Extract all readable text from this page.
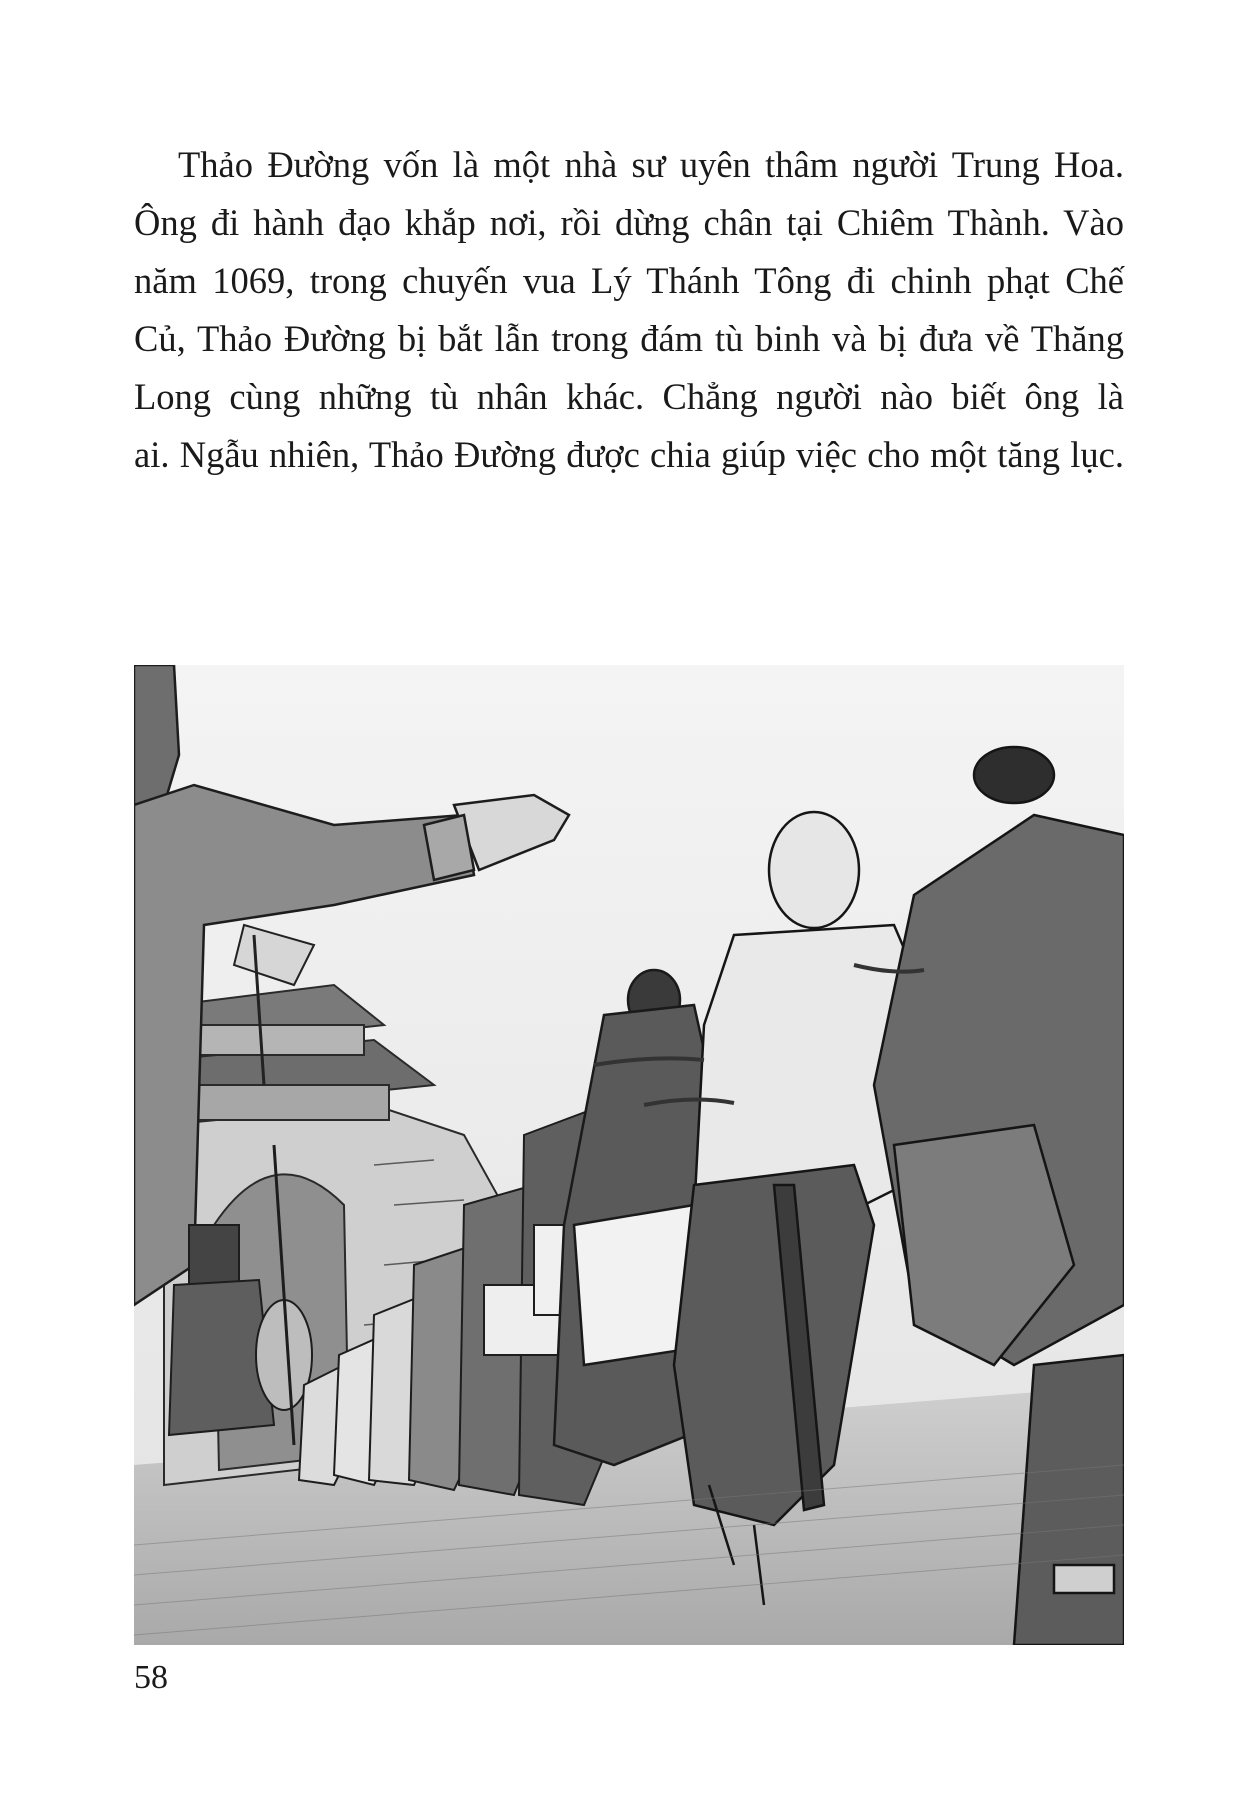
Thảo Đường vốn là một nhà sư uyên thâm người Trung Hoa.
Ông đi hành đạo khắp nơi, rồi dừng chân tại Chiêm Thành. Vào
năm 1069, trong chuyến vua Lý Thánh Tông đi chinh phạt Chế
Củ, Thảo Đường bị bắt lẫn trong đám tù binh và bị đưa về Thăng
Long cùng những tù nhân khác. Chẳng người nào biết ông là
ai. Ngẫu nhiên, Thảo Đường được chia giúp việc cho một tăng lục.

58
